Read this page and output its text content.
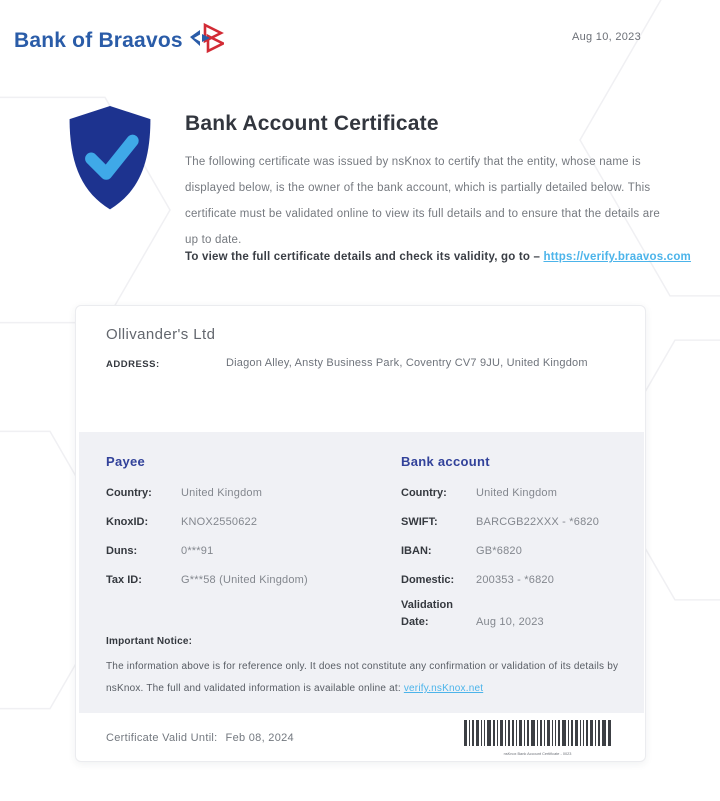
Bank of Braavos	Aug 10, 2023
Bank Account Certificate
The following certificate was issued by nsKnox to certify that the entity, whose name is displayed below, is the owner of the bank account, which is partially detailed below. This certificate must be validated online to view its full details and to ensure that the details are up to date.
To view the full certificate details and check its validity, go to – https://verify.braavos.com
Ollivander's Ltd
ADDRESS:	Diagon Alley, Ansty Business Park, Coventry CV7 9JU, United Kingdom
Payee
Country:	United Kingdom
KnoxID:	KNOX2550622
Duns:	0***91
Tax ID:	G***58 (United Kingdom)
Bank account
Country:	United Kingdom
SWIFT:	BARCGB22XXX - *6820
IBAN:	GB*6820
Domestic:	200353 - *6820
Validation Date:	Aug 10, 2023
Important Notice:
The information above is for reference only. It does not constitute any confirmation or validation of its details by nsKnox. The full and validated information is available online at: verify.nsKnox.net
Certificate Valid Until: Feb 08, 2024
nsKnox Bank Account Certificate - 0023
